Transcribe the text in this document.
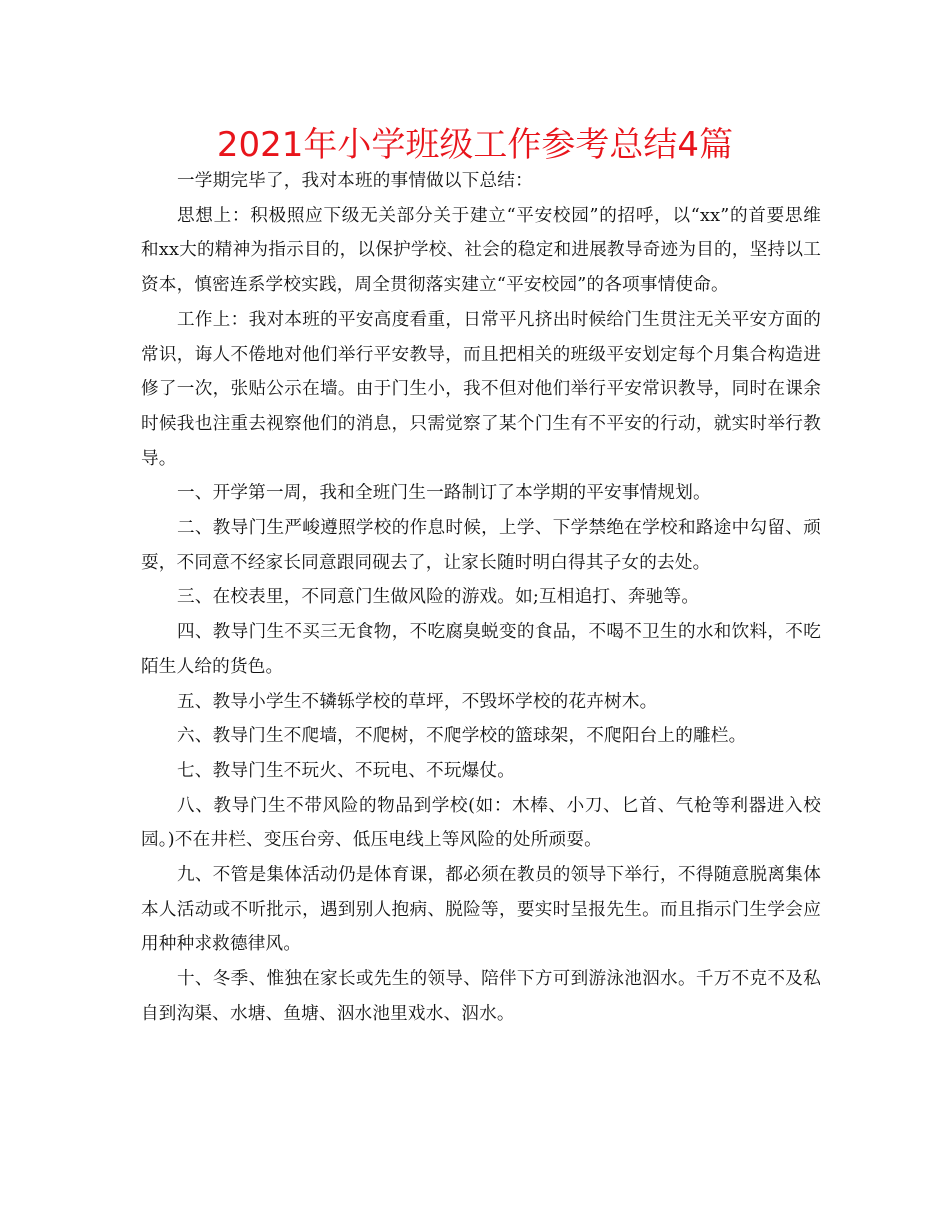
2021年小学班级工作参考总结4篇

一学期完毕了，我对本班的事情做以下总结：

思想上：积极照应下级无关部分关于建立“平安校园”的招呼，以“xx”的首要思维和xx大的精神为指示目的，以保护学校、社会的稳定和进展教导奇迹为目的，坚持以工资本，慎密连系学校实践，周全贯彻落实建立“平安校园”的各项事情使命。

工作上：我对本班的平安高度看重，日常平凡挤出时候给门生贯注无关平安方面的常识，诲人不倦地对他们举行平安教导，而且把相关的班级平安划定每个月集合构造进修了一次，张贴公示在墙。由于门生小，我不但对他们举行平安常识教导，同时在课余时候我也注重去视察他们的消息，只需觉察了某个门生有不平安的行动，就实时举行教导。

一、开学第一周，我和全班门生一路制订了本学期的平安事情规划。

二、教导门生严峻遵照学校的作息时候，上学、下学禁绝在学校和路途中勾留、顽耍，不同意不经家长同意跟同砚去了，让家长随时明白得其子女的去处。

三、在校表里，不同意门生做风险的游戏。如;互相追打、奔驰等。

四、教导门生不买三无食物，不吃腐臭蜕变的食品，不喝不卫生的水和饮料，不吃陌生人给的货色。

五、教导小学生不辚轹学校的草坪，不毁坏学校的花卉树木。

六、教导门生不爬墙，不爬树，不爬学校的篮球架，不爬阳台上的雕栏。

七、教导门生不玩火、不玩电、不玩爆仗。

八、教导门生不带风险的物品到学校(如：木棒、小刀、匕首、气枪等利器进入校园。)不在井栏、变压台旁、低压电线上等风险的处所顽耍。

九、不管是集体活动仍是体育课，都必须在教员的领导下举行，不得随意脱离集体本人活动或不听批示，遇到别人抱病、脱险等，要实时呈报先生。而且指示门生学会应用种种求救德律风。

十、冬季、惟独在家长或先生的领导、陪伴下方可到游泳池泅水。千万不克不及私自到沟渠、水塘、鱼塘、泅水池里戏水、泅水。
